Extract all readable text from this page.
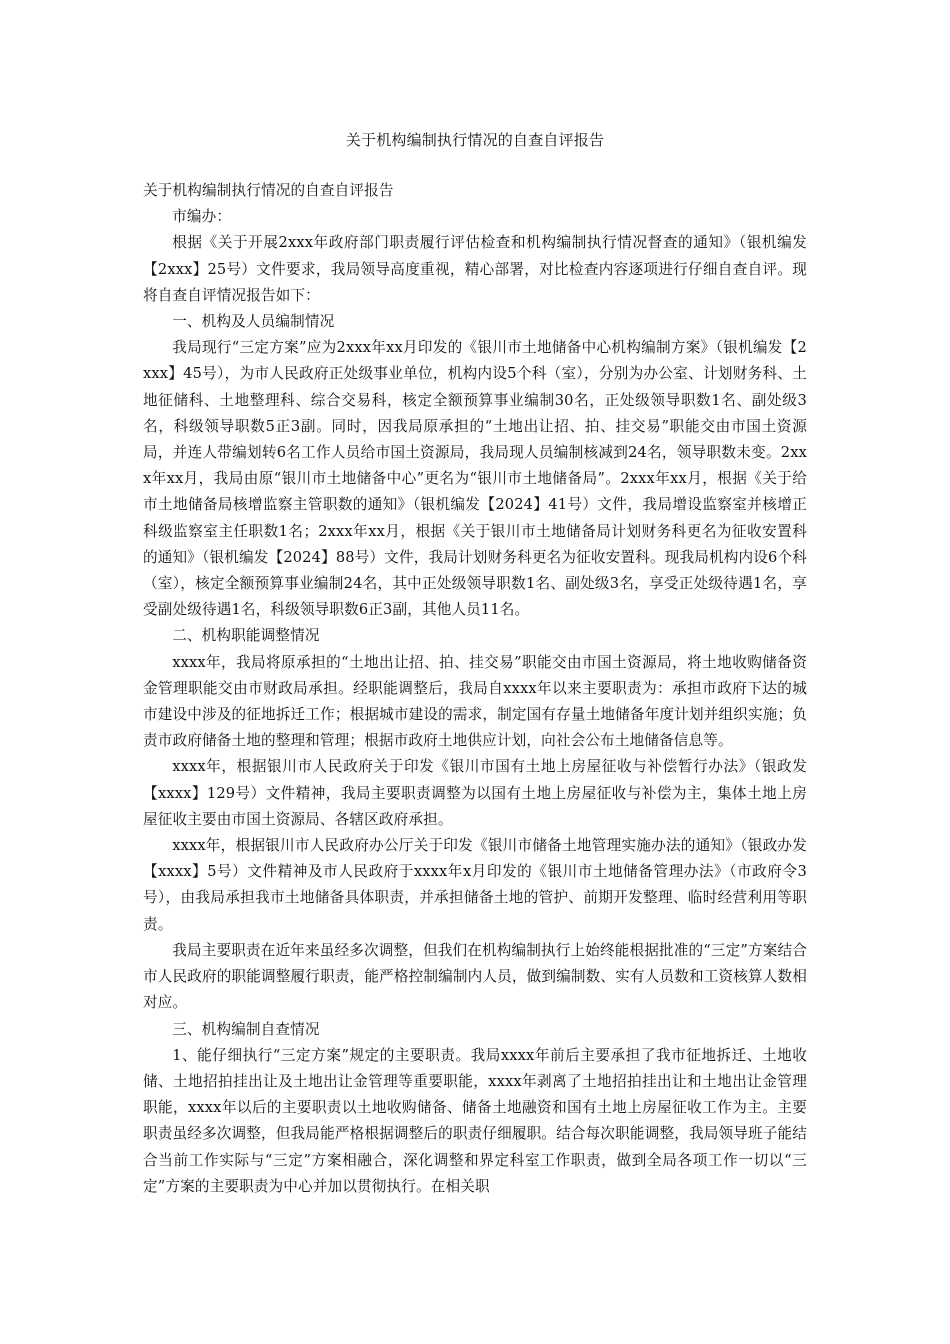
关于机构编制执行情况的自查自评报告

关于机构编制执行情况的自查自评报告

市编办：

根据《关于开展2xxx年政府部门职责履行评估检查和机构编制执行情况督查的通知》（银机编发【2xxx】25号）文件要求，我局领导高度重视，精心部署，对比检查内容逐项进行仔细自查自评。现将自查自评情况报告如下：

一、机构及人员编制情况

我局现行“三定方案”应为2xxx年xx月印发的《银川市土地储备中心机构编制方案》（银机编发【2xxx】45号），为市人民政府正处级事业单位，机构内设5个科（室），分别为办公室、计划财务科、土地征储科、土地整理科、综合交易科，核定全额预算事业编制30名，正处级领导职数1名、副处级3名，科级领导职数5正3副。同时，因我局原承担的“土地出让招、拍、挂交易”职能交由市国土资源局，并连人带编划转6名工作人员给市国土资源局，我局现人员编制核减到24名，领导职数未变。2xxx年xx月，我局由原“银川市土地储备中心”更名为“银川市土地储备局”。2xxx年xx月，根据《关于给市土地储备局核增监察主管职数的通知》（银机编发【2024】41号）文件，我局增设监察室并核增正科级监察室主任职数1名；2xxx年xx月，根据《关于银川市土地储备局计划财务科更名为征收安置科的通知》（银机编发【2024】88号）文件，我局计划财务科更名为征收安置科。现我局机构内设6个科（室），核定全额预算事业编制24名，其中正处级领导职数1名、副处级3名，享受正处级待遇1名，享受副处级待遇1名，科级领导职数6正3副，其他人员11名。

二、机构职能调整情况

xxxx年，我局将原承担的“土地出让招、拍、挂交易”职能交由市国土资源局，将土地收购储备资金管理职能交由市财政局承担。经职能调整后，我局自xxxx年以来主要职责为：承担市政府下达的城市建设中涉及的征地拆迁工作；根据城市建设的需求，制定国有存量土地储备年度计划并组织实施；负责市政府储备土地的整理和管理；根据市政府土地供应计划，向社会公布土地储备信息等。

xxxx年，根据银川市人民政府关于印发《银川市国有土地上房屋征收与补偿暂行办法》（银政发【xxxx】129号）文件精神，我局主要职责调整为以国有土地上房屋征收与补偿为主，集体土地上房屋征收主要由市国土资源局、各辖区政府承担。

xxxx年，根据银川市人民政府办公厅关于印发《银川市储备土地管理实施办法的通知》（银政办发【xxxx】5号）文件精神及市人民政府于xxxx年x月印发的《银川市土地储备管理办法》（市政府令3号），由我局承担我市土地储备具体职责，并承担储备土地的管护、前期开发整理、临时经营利用等职责。

我局主要职责在近年来虽经多次调整，但我们在机构编制执行上始终能根据批准的“三定”方案结合市人民政府的职能调整履行职责，能严格控制编制内人员，做到编制数、实有人员数和工资核算人数相对应。

三、机构编制自查情况

1、能仔细执行“三定方案”规定的主要职责。我局xxxx年前后主要承担了我市征地拆迁、土地收储、土地招拍挂出让及土地出让金管理等重要职能，xxxx年剥离了土地招拍挂出让和土地出让金管理职能，xxxx年以后的主要职责以土地收购储备、储备土地融资和国有土地上房屋征收工作为主。主要职责虽经多次调整，但我局能严格根据调整后的职责仔细履职。结合每次职能调整，我局领导班子能结合当前工作实际与“三定”方案相融合，深化调整和界定科室工作职责，做到全局各项工作一切以“三定”方案的主要职责为中心并加以贯彻执行。在相关职
